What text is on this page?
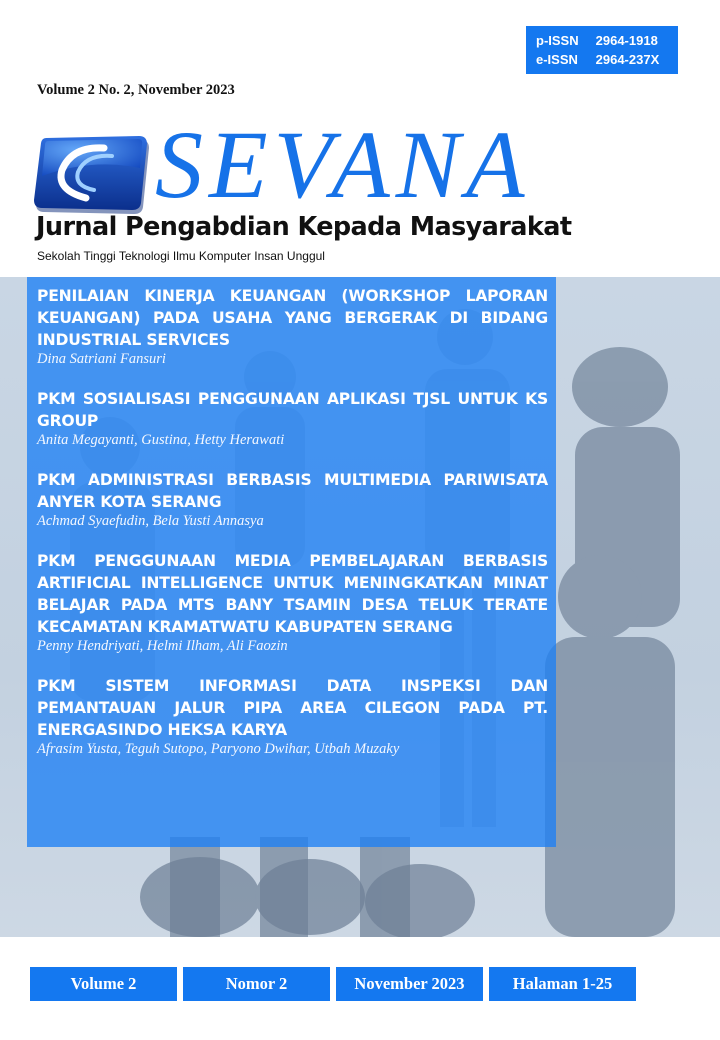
p-ISSN 2964-1918
e-ISSN 2964-237X
Volume 2 No. 2, November 2023
SEVANA
Jurnal Pengabdian Kepada Masyarakat
Sekolah Tinggi Teknologi Ilmu Komputer Insan Unggul
PENILAIAN KINERJA KEUANGAN (WORKSHOP LAPORAN KEUANGAN) PADA USAHA YANG BERGERAK DI BIDANG INDUSTRIAL SERVICES
Dina Satriani Fansuri
PKM SOSIALISASI PENGGUNAAN APLIKASI TJSL UNTUK KS GROUP
Anita Megayanti, Gustina, Hetty Herawati
PKM ADMINISTRASI BERBASIS MULTIMEDIA PARIWISATA ANYER KOTA SERANG
Achmad Syaefudin, Bela Yusti Annasya
PKM PENGGUNAAN MEDIA PEMBELAJARAN BERBASIS ARTIFICIAL INTELLIGENCE UNTUK MENINGKATKAN MINAT BELAJAR PADA MTS BANY TSAMIN DESA TELUK TERATE KECAMATAN KRAMATWATU KABUPATEN SERANG
Penny Hendriyati, Helmi Ilham, Ali Faozin
PKM SISTEM INFORMASI DATA INSPEKSI DAN PEMANTAUAN JALUR PIPA AREA CILEGON PADA PT. ENERGASINDO HEKSA KARYA
Afrasim Yusta, Teguh Sutopo, Paryono Dwihar, Utbah Muzaky
Volume 2	Nomor 2	November 2023	Halaman 1-25
